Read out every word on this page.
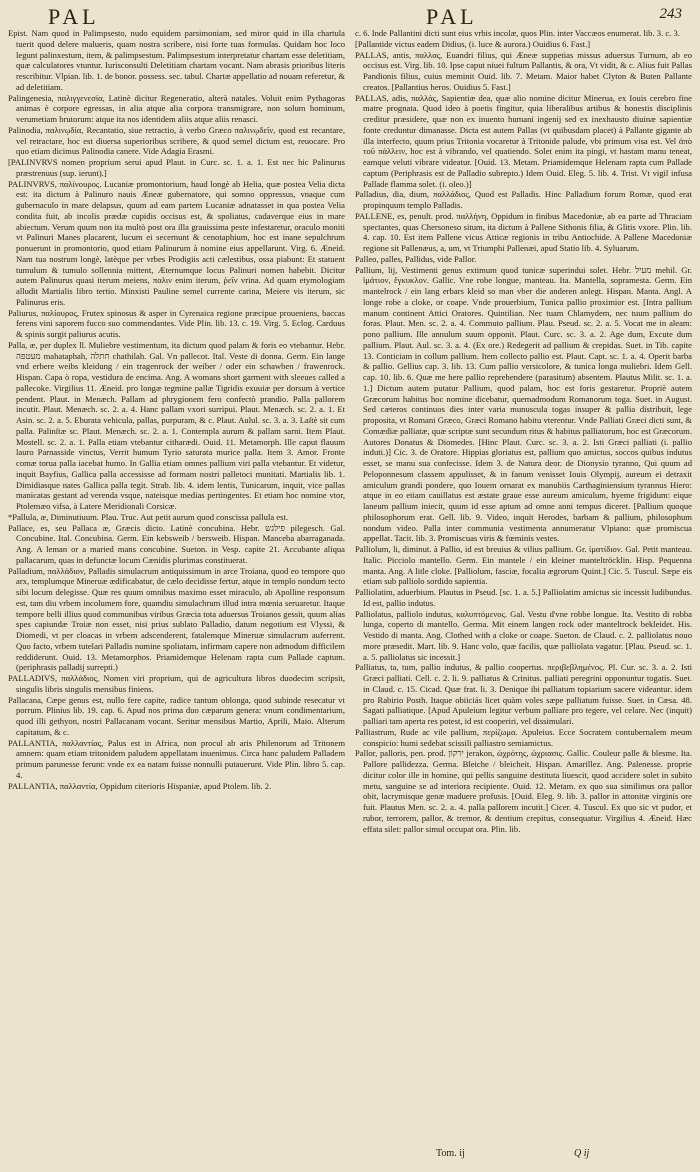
PAL	PAL	243

Epist. Nam quod in Palimpsesto, nudo equidem parsimoniam, sed miror quid in illa chartula tuerit quod delere malueris, quam nostra scribere, nisi forte tuas formulas. Quidam hoc loco legunt palinxestum, item, & palimpsestum. Palimpsestum interpretatur chartam esse deletitiam, quæ calculatores vtuntur. Iurisconsulti Deletitiam chartam vocant. Nam abrasis prioribus literis rescribitur. Vlpian. lib. 1. de bonor. possess. sec. tabul. Chartæ appellatio ad nouam referetur, & ad deletitiam.

Palingenesia, παλιγγενεσία, Latinè dicitur Regeneratio, alterà natales. Voluit enim Pythagoras animas è corpore egressas, in alia atque alia corpora transmigrare, non solum hominum, verumetiam brutorum: atque ita nos identidem aliis atque aliis renasci.

Palinodia, παλινῳδία, Recantatio, siue retractio, à verbo Græco παλινῳδεῖν, quod est recantare, vel retractare, hoc est diuersa superioribus scribere, & quod semel dictum est, reuocare. Pro quo etiam dicimus Palinodia canere. Vide Adagia Erasmi.

[PALINVRVS nomen proprium serui apud Plaut. in Curc. sc. 1. a. 1. Est nec hic Palinurus præstrenuus (sup. ierunt).]

PALINVRVS, παλίνουρος. Lucaniæ promontorium, haud longè ab Helia, quæ postea Velia dicta est: ita dictum à Palinuro nauis Æneæ gubernatore, qui somno oppressus, vnaque cum gubernaculo in mare delapsus, quum ad eam partem Lucaniæ adnatasset in qua postea Velia condita fuit, ab incolis prædæ cupidis occisus est, & spoliatus, cadaverque eius in mare abiectum. Verum quum non ita multò post ora illa grauissima peste infestaretur, oraculo moniti vt Palinuri Manes placarent, lucum ei secernunt & cenotaphium, hoc est inane sepulchrum ponuerunt in promontorio, quod etiam Palinurum à nomine eius appellarunt. Virg. 6. Æneid. Nam tua nostrum longè, latèque per vrbes Prodigiis acti cælestibus, ossa piabunt: Et statuent tumulum & tumulo sollennia mittent, Æternumque locus Palinuri nomen habebit. Dicitur autem Palinurus quasi iterum meiens, παλιν enim iterum, ῥεῖν vrina. Ad quam etymologiam alludit Martialis libro tertio. Minxisti Pauline semel currente carina, Meiere vis iterum, sic Palinurus eris.

Paliurus, παλίουρος, Frutex spinosus & asper in Cyrenaica regione præcipue proueniens, baccas ferens vini saporem fucco suo commendantes. Vide Plin. lib. 13. c. 19. Virg. 5. Eclog. Carduus & spinis surgit paliurus acutis.

Palla, æ, per duplex ll. Muliebre vestimentum, ita dictum quod palam & foris eo vtebantur. Hebr. מעטפה mahataphah, חתלה chathilah. Gal. Vn pallecot. Ital. Veste di donna. Germ. Ein lange vnd erbere weibs kleidung / ein tragenrock der weiber / oder ein schawben / frawenrock. Hispan. Capa ò ropa, vestidura de encima. Ang. A womans short garment with sleeues called a pallecoke. Virgilius 11. Æneid. pro longæ tegmine pallæ Tigridis exuuiæ per dorsum à vertice pendent. Plaut. in Menæch. Pallam ad phrygionem fero confectò prandio. Palla pallorem incutit. Plaut. Menæch. sc. 2. a. 4. Hanc pallam vxori surripui. Plaut. Menæch. sc. 2. a. 1. Et Asin. sc. 2. a. 5. Eburata vehicula, pallas, purpuram, & c. Plaut. Aulul. sc. 3. a. 3. Laſtè sit cum palla. Palinſtæ sc. Plaut. Menæch. sc. 2. a. 1. Contempla aurum & pallam sarni. Item Plaut. Mostell. sc. 2. a. 1. Palla etiam vtebantur citharædi. Ouid. 11. Metamorph. Ille caput flauum lauro Parnasside vinctus, Verrit humum Tyrio saturata murice palla. Item 3. Amor. Fronte comæ torua palla iacebat humo. In Gallia etiam omnes pallium viri palla vtebantur. Et videtur, inquit Bayfius, Gallica palla accessisse ad formam nostri palletoci munitati. Martialis lib. 1. Dimidiasque nates Gallica palla tegit. Strab. lib. 4. idem lentis, Tunicarum, inquit, vice pallas manicatas gestant ad verenda vsque, nateisque medias pertingentes. Et etiam hoc nomine vtor, Ptolemæo vifsa, à Latere Meridionali Corsicæ.

*Pallula, æ, Diminutiuum. Plau. Truc. Aut petit aurum quod conscissa pallula est.

Pallace, es, seu Pallaca æ, Græcis dicto. Latinè concubina. Hebr. פילגש pilegesch. Gal. Concubine. Ital. Concubina. Germ. Ein kebsweib / bersweib. Hispan. Manceba abarraganada. Ang. A leman or a maried mans concubine. Sueton. in Vesp. capite 21. Accubante aliqua pallacarum, quas in defunctæ locum Cænidis plurimas constituerat.

Palladium, παλλάδιον, Palladis simulacrum antiquissimum in arce Troiana, quod eo tempore quo arx, templumque Mineruæ ædificabatur, de cælo decidisse fertur, atque in templo nondum tecto sibi locum delegisse. Quæ res quum omnibus maximo esset miraculo, ab Apolline responsum est, tam diu vrbem incolumem fore, quamdiu simulachrum illud intra mœnia seruaretur. Itaque tempore belli illius quod communibus viribus Græcia tota aduersus Troianos gessit, quum alias spes capiundæ Troiæ non esset, nisi prius sublato Palladio, datum negotium est Vlyssi, & Diomedi, vt per cloacas in vrbem adscenderent, fatalemque Mineruæ simulacrum auferrent. Quo facto, vrbem tutelari Palladis numine spoliatam, infirmam capere non admodum difficilem reddiderunt. Ouid. 13. Metamorphos. Priamidemque Helenam rapta cum Pallade captum. (periphrasis palladij surrepti.)

PALLADIVS, παλλάδιος, Nomen viri proprium, qui de agricultura libros duodecim scripsit, singulis libris singulis mensibus finiens.

Pallacana, Cæpe genus est, nullo fere capite, radice tantum oblonga, quod subinde resecatur vt porrum. Plinius lib. 19. cap. 6. Apud nos prima duo cæparum genera: vnum condimentarium, quod illi gethyon, nostri Pallacanam vocant. Seritur mensibus Martio, Aprili, Maio. Alterum capitatum, & c.

PALLANTIA, παλλαντίας, Palus est in Africa, non procul ab aris Philenorum ad Tritonem amnem: quam etiam tritonidem paludem appellatam inuenimus. Circa hanc paludem Palladem primum parunesse ferunt: vnde ex ea natam fuisse nonnulli putauerunt. Vide Plin. libro 5. cap. 4.

PALLANTIA, παλλαντία, Oppidum citerioris Hispaniæ, apud Ptolem. lib. 2.

c. 6. Inde Pallantini dicti sunt eius vrbis incolæ, quos Plin. inter Vaccæos enumerat. lib. 3. c. 3.

[Pallantide victus eadem Didius, (i. luce & aurora.) Ouidius 6. Fast.]

PALLAS, antis, παλλας, Euandri filius, qui Æneæ suppetias missus aduersus Turnum, ab eo occisus est. Virg. lib. 10. Ipse caput niuei fultum Pallantis, & ora, Vt vidit, & c. Alius fuit Pallas Pandionis filius, cuius meminit Ouid. lib. 7. Metam. Maior habet Clyton & Buten Pallante creatos. [Pallantius heros. Ouidius 5. Fast.]

PALLAS, adis, παλλάς, Sapientiæ dea, quæ alio nomine dicitur Minerua, ex Iouis cerebro fine matre prognata. Quod ideo à poetis fingitur, quia liberalibus artibus & honestis disciplinis creditur præsidere, quæ non ex inuento humani ingenij sed ex inexhausto diuinæ sapientiæ fonte creduntur dimanasse. Dicta est autem Pallas (vt quibusdam placet) à Pallante gigante ab illa interfecto, quum prius Tritonia vocaretur à Tritonide palude, vbi primum visa est. Vel ἀπὸ τοῦ πάλλειν, hoc est à vibrando, vel quatiendo. Solet enim ita pingi, vt hastam manu teneat, eamque veluti vibrare videatur. [Ouid. 13. Metam. Priamidemque Helenam rapta cum Pallade captum (Periphrasis est de Palladio subrepto.) Idem Ouid. Eleg. 5. lib. 4. Trist. Vt vigil infusa Pallade flamma solet. (i. oleo.)]

Palladius, dia, dium, παλλάδιος, Quod est Palladis. Hinc Palladium forum Romæ, quod erat propinquum templo Palladis.

PALLENE, es, penult. prod. παλλήνη, Oppidum in finibus Macedoniæ, ab ea parte ad Thraciam spectantes, quas Chersoneso situm, ita dictum à Pallene Sithonis filia, & Glitis vxore. Plin. lib. 4. cap. 10. Est item Pallene vicus Atticæ regionis in tribu Antiochide. A Pallene Macedoniæ regione sit Pallenæus, a, um, vt Triumphi Pallenæi, apud Statio lib. 4. Syluarum.

Palleo, palles, Pallidus, vide Pallor.

Pallium, lij, Vestimenti genus extimum quod tunicæ superindui solet. Hebr. מעיל mehil. Gr. ἱμάτιον, ἔγκυκλον. Gallic. Vne robe longue, manteau. Ita. Mantella, sopramesta. Germ. Ein mantelrock / ein lang erbars kleid so man vber die anderen anlegt. Hispan. Manta. Angl. A longe robe a cloke, or coape. Vnde prouerbium, Tunica pallio proximior est. [Intra pallium manum continent Attici Oratores. Quintilian. Nec tuam Chlamydem, nec tuum pallium do foras. Plaut. Men. sc. 2. a. 4. Commuto pallium. Plau. Pseud. sc. 2. a. 5. Vocat me in aleam: pono pallium. Ille annulum suum opponit. Plaut. Curc. sc. 3. a. 2. Age dum, Excute dum pallium. Plaut. Aul. sc. 3. a. 4. (Ex ore.) Redegerit ad pallium & crepidas. Suet. in Tib. capite 13. Conticiam in collum pallium. Item collecto pallio est. Plaut. Capt. sc. 1. a. 4. Operit barba & pallio. Gellius cap. 3. lib. 13. Cum pallio versicolore, & tunica longa muliebri. Idem Gell. cap. 10. lib. 6. Quæ me here pallio reprehendere (parasitum) absentem. Plautus Milit. sc. 1. a. 1.] Dictum autem putatur Pallium, quod palam, hoc est foris gestaretur. Propriè autem Græcorum habitus hoc nomine dicebatur, quemadmodum Romanorum toga. Suet. in August. Sed cæteros continuos dies inter varia munuscula togas insuper & pallia distribuit, lege proposita, vt Romani Græco, Græci Romano habitu vterentur. Vnde Palliati Græci dicti sunt, & Comædiæ palliatæ, quæ scriptæ sunt secundum ritus & habitus palliatorum, hoc est Græcorum. Autores Donatus & Diomedes. [Hinc Plaut. Curc. sc. 3. a. 2. Isti Græci palliati (i. pallio induti.)] Cic. 3. de Oratore. Hippias gloriatus est, pallium quo amictus, soccos quibus indutus esset, se manu sua confecisse. Idem 3. de Natura deor. de Dionysio tyranno, Qui quum ad Peloponnesum classem appulisset, & in fanum venisset Iouis Olympij, aureum ei detraxit amiculum grandi pondere, quo Iouem ornarat ex manubiis Carthaginiensium tyrannus Hiero: atque in eo etiam cauillatus est æstate graue esse aureum amiculum, hyeme frigidum: eique laneum pallium iniecit, quum id esse aptum ad omne anni tempus diceret. [Pallium quoque philosophorum erat. Gell. lib. 9. Video, inquit Herodes, barbam & pallium, philosophum nondum video. Palla inter communia vestimenta annumeratur Vlpiano: quæ promiscua appellat. Tacit. lib. 3. Promiscuas viris & fœminis vestes.

Palliolum, li, diminut. à Pallio, id est breuius & vilius pallium. Gr. ἱματίδιον. Gal. Petit manteau. Italic. Picciolo mantello. Germ. Ein mantele / ein kleiner manteltröcklin. Hisp. Pequenna manta. Ang. A litle cloke. [Palliolum, fasciæ, focalia ægrorum Quint.] Cic. 5. Tuscul. Sæpe eis etiam sub palliolo sordido sapientia.

Palliolatim, aduerbium. Plautus in Pseud. [sc. 1. a. 5.] Palliolatim amictus sic incessit ludibundus. Id est, pallio indutus.

Palliolatus, palliolo indutus, καλυπτόμενος. Gal. Vestu d'vne robbe longue. Ita. Vestito di robba lunga, coperto di mantello. Germa. Mit einem langen rock oder manteltrock bekleidet. His. Vestido di manta. Ang. Clothed with a cloke or coape. Sueton. de Claud. c. 2. palliolatus nouo more præsedit. Mart. lib. 9. Hanc volo, quæ facilis, quæ palliolata vagatur. [Plau. Pseud. sc. 1. a. 5. palliolatus sic incessit.]

Palliatus, ta, tum, pallio indutus, & pallio coopertus. περιβεβλημένος. Pl. Cur. sc. 3. a. 2. Isti Græci palliati. Cell. c. 2. li. 9. palliatus & Crinitus. palliati peregrini opponuntur togatis. Suet. in Claud. c. 15. Cicad. Quæ frat. li. 3. Denique ibi palliatum topiarium sacere videantur. idem pro Rabirio Posth. Itaque obiiciás licet quàm voles sæpe palliatum fuisse. Suet. in Cæsa. 48. Sagati palliatique. [Apud Apuleium legitur verbum palliare pro tegere, vel celare. Nec (inquit) palliari tam aperta res potest, id est cooperiri, vel dissimulari.

Palliastrum, Rude ac vile pallium, περίζωμα. Apuleius. Ecce Socratem contubernalem meum conspicio: humi sedebat scissili palliastro semiamictus.

Pallor, palloris, pen. prod. ירקון jerakon, ὠχρότης, ὠχριασις. Gallic. Couleur palle & blesme. Ita. Pallore pallidezza. Germa. Bleiche / bleicheit. Hispan. Amarillez. Ang. Palenesse. proprie dicitur color ille in homine, qui pellis sanguine destituta liuescit, quod accidere solet in subito metu, sanguine se ad interiora recipiente. Ouid. 12. Metam. ex quo sua similimus ora pallor obit, lacrymisque genæ maduere profusis. [Ouid. Eleg. 9. lib. 3. pallor in attonitæ virginis ore fuit. Plautus Men. sc. 2. a. 4. palla pallorem incutit.] Cicer. 4. Tuscul. Ex quo sic vt pudor, et rubor, terrorem, pallor, & tremor, & dentium crepitus, consequatur. Virgilius 4. Æneid. Hæc effata silet: pallor simul occupat ora. Plin. lib.

Tom. ij	Q ij
